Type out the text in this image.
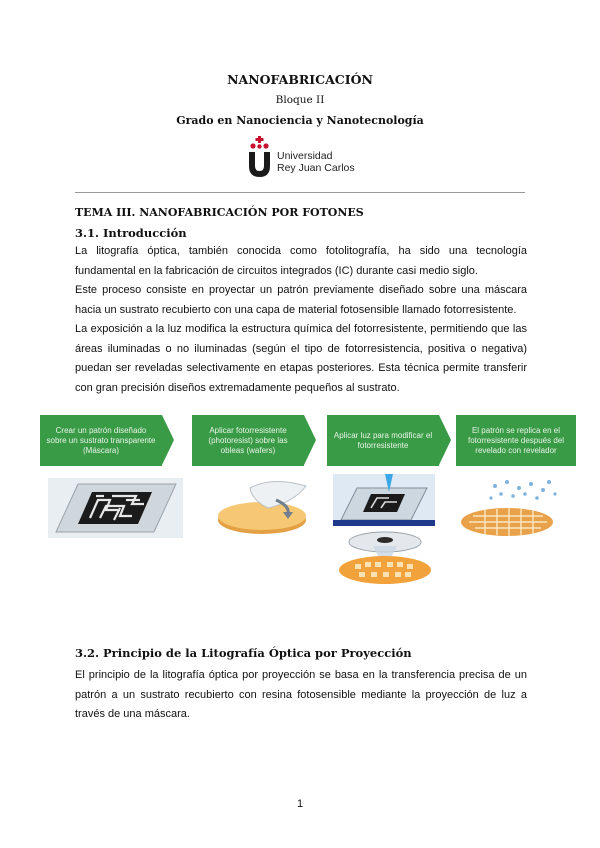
NANOFABRICACIÓN
Bloque II
Grado en Nanociencia y Nanotecnología
Universidad
Rey Juan Carlos
TEMA III. NANOFABRICACIÓN POR FOTONES
3.1. Introducción
La litografía óptica, también conocida como fotolitografía, ha sido una tecnología fundamental en la fabricación de circuitos integrados (IC) durante casi medio siglo.
Este proceso consiste en proyectar un patrón previamente diseñado sobre una máscara hacia un sustrato recubierto con una capa de material fotosensible llamado fotorresistente.
La exposición a la luz modifica la estructura química del fotorresistente, permitiendo que las áreas iluminadas o no iluminadas (según el tipo de fotorresistencia, positiva o negativa) puedan ser reveladas selectivamente en etapas posteriores. Esta técnica permite transferir con gran precisión diseños extremadamente pequeños al sustrato.
Crear un patrón diseñado sobre un sustrato transparente (Máscara)
Aplicar fotorresistente (photoresist) sobre las obleas (wafers)
Aplicar luz para modificar el fotorresistente
El patrón se replica en el fotorresistente después del revelado con revelador
3.2. Principio de la Litografía Óptica por Proyección
El principio de la litografía óptica por proyección se basa en la transferencia precisa de un patrón a un sustrato recubierto con resina fotosensible mediante la proyección de luz a través de una máscara.
1
